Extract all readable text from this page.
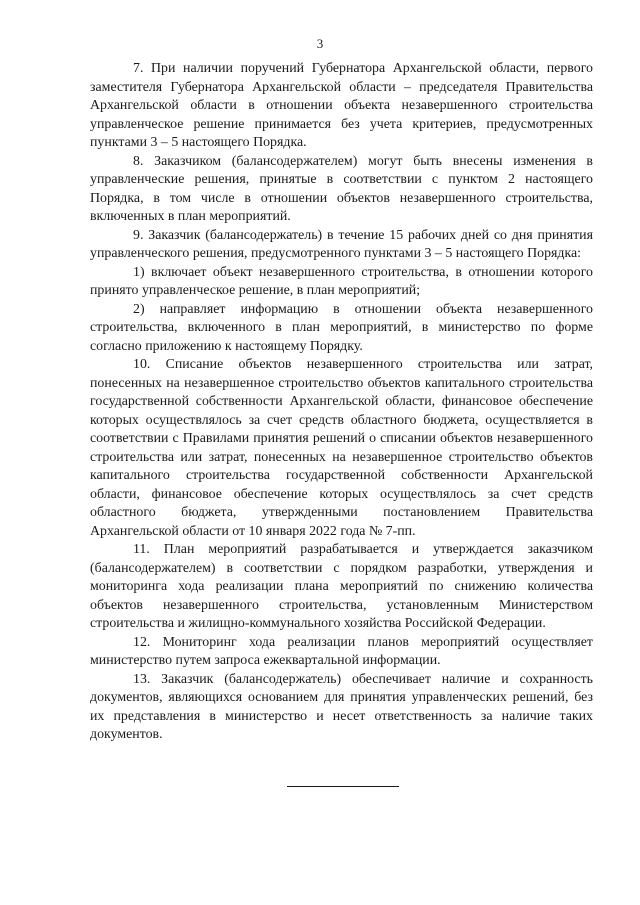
3

7. При наличии поручений Губернатора Архангельской области, первого заместителя Губернатора Архангельской области – председателя Правительства Архангельской области в отношении объекта незавершенного строительства управленческое решение принимается без учета критериев, предусмотренных пунктами 3 – 5 настоящего Порядка.

8. Заказчиком (балансодержателем) могут быть внесены изменения в управленческие решения, принятые в соответствии с пунктом 2 настоящего Порядка, в том числе в отношении объектов незавершенного строительства, включенных в план мероприятий.

9. Заказчик (балансодержатель) в течение 15 рабочих дней со дня принятия управленческого решения, предусмотренного пунктами 3 – 5 настоящего Порядка:

1) включает объект незавершенного строительства, в отношении которого принято управленческое решение, в план мероприятий;

2) направляет информацию в отношении объекта незавершенного строительства, включенного в план мероприятий, в министерство по форме согласно приложению к настоящему Порядку.

10. Списание объектов незавершенного строительства или затрат, понесенных на незавершенное строительство объектов капитального строительства государственной собственности Архангельской области, финансовое обеспечение которых осуществлялось за счет средств областного бюджета, осуществляется в соответствии с Правилами принятия решений о списании объектов незавершенного строительства или затрат, понесенных на незавершенное строительство объектов капитального строительства государственной собственности Архангельской области, финансовое обеспечение которых осуществлялось за счет средств областного бюджета, утвержденными постановлением Правительства Архангельской области от 10 января 2022 года № 7-пп.

11. План мероприятий разрабатывается и утверждается заказчиком (балансодержателем) в соответствии с порядком разработки, утверждения и мониторинга хода реализации плана мероприятий по снижению количества объектов незавершенного строительства, установленным Министерством строительства и жилищно-коммунального хозяйства Российской Федерации.

12. Мониторинг хода реализации планов мероприятий осуществляет министерство путем запроса ежеквартальной информации.

13. Заказчик (балансодержатель) обеспечивает наличие и сохранность документов, являющихся основанием для принятия управленческих решений, без их представления в министерство и несет ответственность за наличие таких документов.
